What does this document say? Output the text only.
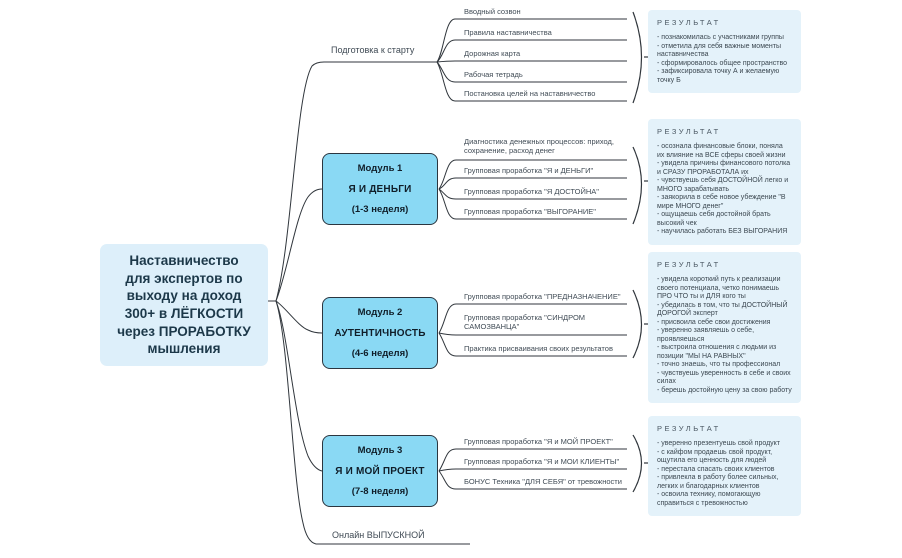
Наставничество
для экспертов по
выходу на доход
300+ в ЛЁГКОСТИ
через ПРОРАБОТКУ
мышления
Подготовка к старту
Вводный созвон
Правила наставничества
Дорожная карта
Рабочая тетрадь
Постановка целей на наставничество
РЕЗУЛЬТАТ
- познакомилась с участниками группы
- отметила для себя важные моменты наставничества
- сформировалось общее пространство
- зафиксировала точку А и желаемую точку Б
Модуль 1
Я И ДЕНЬГИ
(1-3 неделя)
Диагностика денежных процессов: приход, сохранение, расход денег
Групповая проработка "Я и ДЕНЬГИ"
Групповая проработка "Я ДОСТОЙНА"
Групповая проработка "ВЫГОРАНИЕ"
РЕЗУЛЬТАТ
- осознала финансовые блоки, поняла их влияние на ВСЕ сферы своей жизни
- увидела причины финансового потолка и СРАЗУ ПРОРАБОТАЛА их
- чувствуешь себя ДОСТОЙНОЙ легко и МНОГО зарабатывать
- заякорила в себе новое убеждение "В мире МНОГО денег"
- ощущаешь себя достойной брать высокий чек
- научилась работать БЕЗ ВЫГОРАНИЯ
Модуль 2
АУТЕНТИЧНОСТЬ
(4-6 неделя)
Групповая проработка "ПРЕДНАЗНАЧЕНИЕ"
Групповая проработка "СИНДРОМ САМОЗВАНЦА"
Практика присваивания своих результатов
РЕЗУЛЬТАТ
- увидела короткий путь к реализации своего потенциала, четко понимаешь ПРО ЧТО ты и ДЛЯ кого ты
- убедилась в том, что ты ДОСТОЙНЫЙ ДОРОГОЙ эксперт
- присвоила себе свои достижения
- уверенно заявляешь о себе, проявляешься
- выстроила отношения с людьми из позиции "МЫ НА РАВНЫХ"
- точно знаешь, что ты профессионал
- чувствуешь уверенность в себе и своих силах
- берешь достойную цену за свою работу
Модуль 3
Я И МОЙ ПРОЕКТ
(7-8 неделя)
Групповая проработка "Я и МОЙ ПРОЕКТ"
Групповая проработка "Я и МОИ КЛИЕНТЫ"
БОНУС Техника "ДЛЯ СЕБЯ" от тревожности
РЕЗУЛЬТАТ
- уверенно презентуешь свой продукт
- с кайфом продаешь свой продукт, ощутила его ценность для людей
- перестала спасать своих клиентов
- привлекла в работу более сильных, легких и благодарных клиентов
- освоила технику, помогающую справиться с тревожностью
Онлайн ВЫПУСКНОЙ
